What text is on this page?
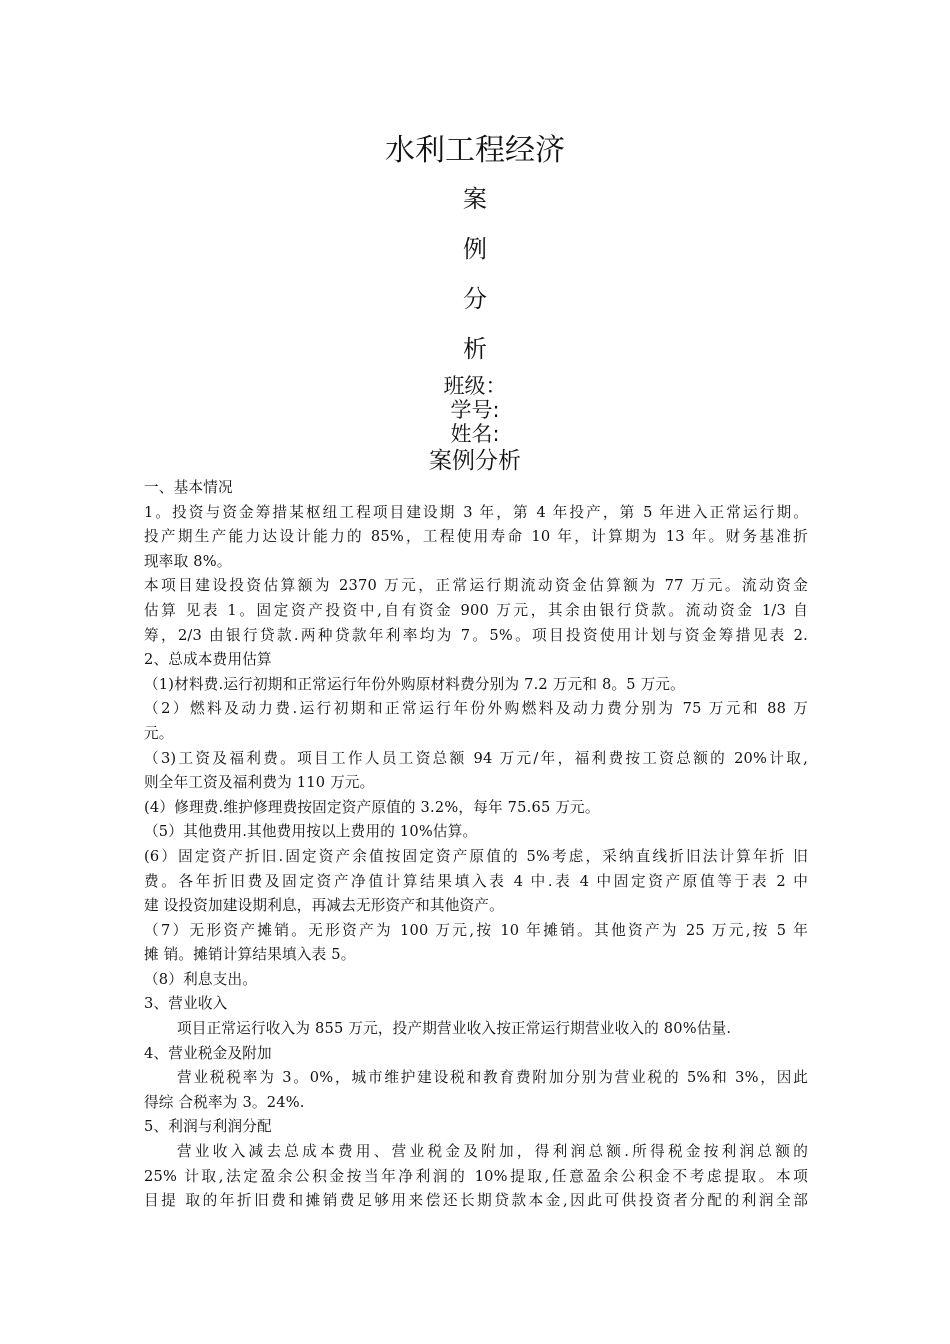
水利工程经济
案
例
分
析
班级：
学号:
姓名:
案例分析
一、基本情况
1。投资与资金筹措某枢纽工程项目建设期 3 年，第 4 年投产，第 5 年进入正常运行期。
投产期生产能力达设计能力的 85%，工程使用寿命 10 年，计算期为 13 年。财务基准折
现率取 8%。
本项目建设投资估算额为 2370 万元，正常运行期流动资金估算额为 77 万元。流动资金
估算 见表 1。固定资产投资中,自有资金 900 万元，其余由银行贷款。流动资金 1/3 自
筹，2/3 由银行贷款.两种贷款年利率均为 7。5%。项目投资使用计划与资金筹措见表 2.
2、总成本费用估算
（1)材料费.运行初期和正常运行年份外购原材料费分别为 7.2 万元和 8。5 万元。
（2）燃料及动力费.运行初期和正常运行年份外购燃料及动力费分别为 75 万元和 88 万
元。
（3)工资及福利费。项目工作人员工资总额 94 万元/年，福利费按工资总额的 20%计取,
则全年工资及福利费为 110 万元。
(4）修理费.维护修理费按固定资产原值的 3.2%，每年 75.65 万元。
（5）其他费用.其他费用按以上费用的 10%估算。
(6）固定资产折旧.固定资产余值按固定资产原值的 5%考虑，采纳直线折旧法计算年折 旧
费。各年折旧费及固定资产净值计算结果填入表 4 中.表 4 中固定资产原值等于表 2 中
建 设投资加建设期利息，再减去无形资产和其他资产。
（7）无形资产摊销。无形资产为 100 万元,按 10 年摊销。其他资产为 25 万元,按 5 年
摊 销。摊销计算结果填入表 5。
（8）利息支出。
3、营业收入
项目正常运行收入为 855 万元，投产期营业收入按正常运行期营业收入的 80%估量.
4、营业税金及附加
营业税税率为 3。0%，城市维护建设税和教育费附加分别为营业税的 5%和 3%，因此
得综 合税率为 3。24%.
5、利润与利润分配
营业收入减去总成本费用、营业税金及附加，得利润总额.所得税金按利润总额的
25% 计取,法定盈余公积金按当年净利润的 10%提取,任意盈余公积金不考虑提取。本项
目提 取的年折旧费和摊销费足够用来偿还长期贷款本金,因此可供投资者分配的利润全部
